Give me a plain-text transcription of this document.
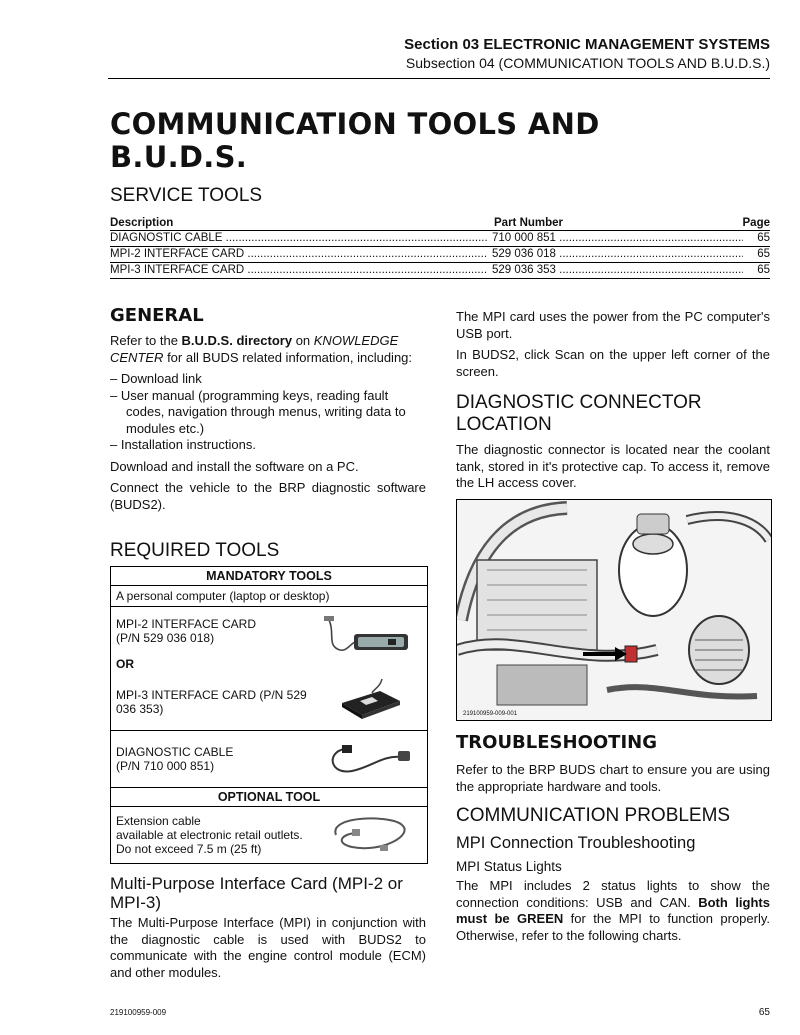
Section 03 ELECTRONIC MANAGEMENT SYSTEMS
Subsection 04 (COMMUNICATION TOOLS AND B.U.D.S.)
COMMUNICATION TOOLS AND
B.U.D.S.
SERVICE TOOLS
Description	Part Number	Page
DIAGNOSTIC CABLE .....	710 000 851 .....	65
MPI-2 INTERFACE CARD .....	529 036 018 .....	65
MPI-3 INTERFACE CARD .....	529 036 353 .....	65
GENERAL

Refer to the B.U.D.S. directory on KNOWLEDGE CENTER for all BUDS related information, including:

– Download link
– User manual (programming keys, reading fault codes, navigation through menus, writing data to modules etc.)
– Installation instructions.

Download and install the software on a PC.

Connect the vehicle to the BRP diagnostic software (BUDS2).

REQUIRED TOOLS
MANDATORY TOOLS	
A personal computer (laptop or desktop)	

MPI-2 INTERFACE CARD
(P/N 529 036 018)

OR	

MPI-3 INTERFACE CARD (P/N 529
036 353)

DIAGNOSTIC CABLE
(P/N 710 000 851)

OPTIONAL TOOL	

Extension cable
available at electronic retail outlets.
Do not exceed 7.5 m (25 ft)

Multi-Purpose Interface Card (MPI-2 or MPI-3)

The Multi-Purpose Interface (MPI) in conjunction with the diagnostic cable is used with BUDS2 to communicate with the engine control module (ECM) and other modules.

The MPI card uses the power from the PC computer's USB port.

In BUDS2, click Scan on the upper left corner of the screen.

DIAGNOSTIC CONNECTOR LOCATION

The diagnostic connector is located near the coolant tank, stored in it's protective cap. To access it, remove the LH access cover.

219100959-009-001
TROUBLESHOOTING

Refer to the BRP BUDS chart to ensure you are using the appropriate hardware and tools.

COMMUNICATION PROBLEMS
MPI Connection Troubleshooting
MPI Status Lights

The MPI includes 2 status lights to show the connection conditions: USB and CAN. Both lights must be GREEN for the MPI to function properly. Otherwise, refer to the following charts.

219100959-009	65
